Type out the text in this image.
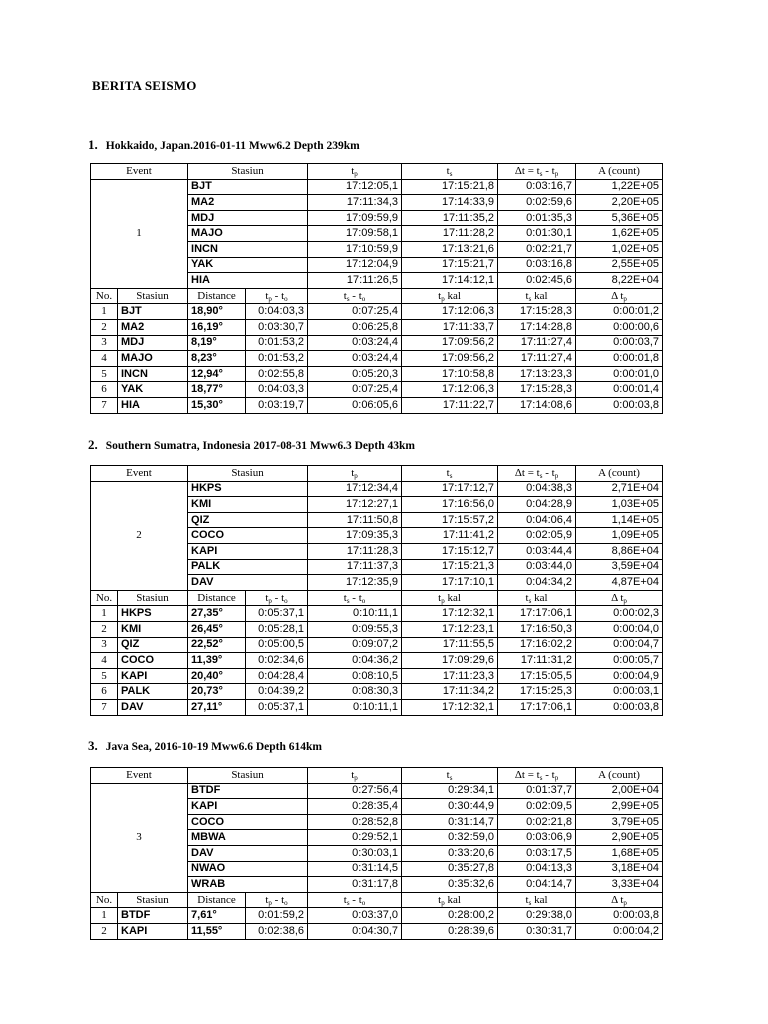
BERITA SEISMO
1. Hokkaido, Japan.2016-01-11 Mww6.2 Depth 239km
Event		Stasiun		$t_p$	$t_s$	$\Delta t = t_s - t_p$	A (count)	
1		BJT		17:12:05,1	17:15:21,8	0:03:16,7	1,22E+05	
		MA2		17:11:34,3	17:14:33,9	0:02:59,6	2,20E+05	
		MDJ		17:09:59,9	17:11:35,2	0:01:35,3	5,36E+05	
		MAJO		17:09:58,1	17:11:28,2	0:01:30,1	1,62E+05	
		INCN		17:10:59,9	17:13:21,6	0:02:21,7	1,02E+05	
		YAK		17:12:04,9	17:15:21,7	0:03:16,8	2,55E+05	
		HIA		17:11:26,5	17:14:12,1	0:02:45,6	8,22E+04	
No.	Stasiun	Distance	$t_p - t_o$	$t_s - t_o$	$t_p$ kal	$t_s$ kal	Δ $t_p$	
1	BJT	18,90°	0:04:03,3	0:07:25,4	17:12:06,3	17:15:28,3	0:00:01,2	
2	MA2	16,19°	0:03:30,7	0:06:25,8	17:11:33,7	17:14:28,8	0:00:00,6	
3	MDJ	8,19°	0:01:53,2	0:03:24,4	17:09:56,2	17:11:27,4	0:00:03,7	
4	MAJO	8,23°	0:01:53,2	0:03:24,4	17:09:56,2	17:11:27,4	0:00:01,8	
5	INCN	12,94°	0:02:55,8	0:05:20,3	17:10:58,8	17:13:23,3	0:00:01,0	
6	YAK	18,77°	0:04:03,3	0:07:25,4	17:12:06,3	17:15:28,3	0:00:01,4	
7	HIA	15,30°	0:03:19,7	0:06:05,6	17:11:22,7	17:14:08,6	0:00:03,8	
2. Southern Sumatra, Indonesia 2017-08-31 Mww6.3 Depth 43km
Event		Stasiun		$t_p$	$t_s$	$\Delta t = t_s - t_p$	A (count)	
2		HKPS		17:12:34,4	17:17:12,7	0:04:38,3	2,71E+04	
		KMI		17:12:27,1	17:16:56,0	0:04:28,9	1,03E+05	
		QIZ		17:11:50,8	17:15:57,2	0:04:06,4	1,14E+05	
		COCO		17:09:35,3	17:11:41,2	0:02:05,9	1,09E+05	
		KAPI		17:11:28,3	17:15:12,7	0:03:44,4	8,86E+04	
		PALK		17:11:37,3	17:15:21,3	0:03:44,0	3,59E+04	
		DAV		17:12:35,9	17:17:10,1	0:04:34,2	4,87E+04	
No.	Stasiun	Distance	$t_p - t_o$	$t_s - t_o$	$t_p$ kal	$t_s$ kal	Δ $t_p$	
1	HKPS	27,35°	0:05:37,1	0:10:11,1	17:12:32,1	17:17:06,1	0:00:02,3	
2	KMI	26,45°	0:05:28,1	0:09:55,3	17:12:23,1	17:16:50,3	0:00:04,0	
3	QIZ	22,52°	0:05:00,5	0:09:07,2	17:11:55,5	17:16:02,2	0:00:04,7	
4	COCO	11,39°	0:02:34,6	0:04:36,2	17:09:29,6	17:11:31,2	0:00:05,7	
5	KAPI	20,40°	0:04:28,4	0:08:10,5	17:11:23,3	17:15:05,5	0:00:04,9	
6	PALK	20,73°	0:04:39,2	0:08:30,3	17:11:34,2	17:15:25,3	0:00:03,1	
7	DAV	27,11°	0:05:37,1	0:10:11,1	17:12:32,1	17:17:06,1	0:00:03,8	
3. Java Sea, 2016-10-19 Mww6.6 Depth 614km
Event		Stasiun		$t_p$	$t_s$	$\Delta t = t_s - t_p$	A (count)	
3		BTDF		0:27:56,4	0:29:34,1	0:01:37,7	2,00E+04	
		KAPI		0:28:35,4	0:30:44,9	0:02:09,5	2,99E+05	
		COCO		0:28:52,8	0:31:14,7	0:02:21,8	3,79E+05	
		MBWA		0:29:52,1	0:32:59,0	0:03:06,9	2,90E+05	
		DAV		0:30:03,1	0:33:20,6	0:03:17,5	1,68E+05	
		NWAO		0:31:14,5	0:35:27,8	0:04:13,3	3,18E+04	
		WRAB		0:31:17,8	0:35:32,6	0:04:14,7	3,33E+04	
No.	Stasiun	Distance	$t_p - t_o$	$t_s - t_o$	$t_p$ kal	$t_s$ kal	Δ $t_p$	
1	BTDF	7,61°	0:01:59,2	0:03:37,0	0:28:00,2	0:29:38,0	0:00:03,8	
2	KAPI	11,55°	0:02:38,6	0:04:30,7	0:28:39,6	0:30:31,7	0:00:04,2	
